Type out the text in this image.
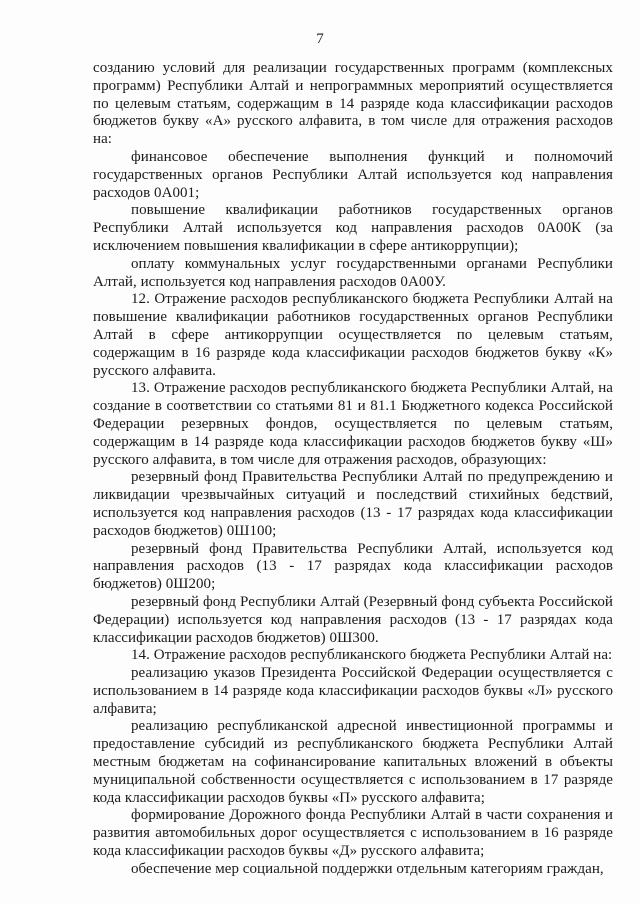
7

созданию условий для реализации государственных программ (комплексных программ) Республики Алтай и непрограммных мероприятий осуществляется по целевым статьям, содержащим в 14 разряде кода классификации расходов бюджетов букву «А» русского алфавита, в том числе для отражения расходов на:

финансовое обеспечение выполнения функций и полномочий государственных органов Республики Алтай используется код направления расходов 0А001;

повышение квалификации работников государственных органов Республики Алтай используется код направления расходов 0А00К (за исключением повышения квалификации в сфере антикоррупции);

оплату коммунальных услуг государственными органами Республики Алтай, используется код направления расходов 0А00У.

12. Отражение расходов республиканского бюджета Республики Алтай на повышение квалификации работников государственных органов Республики Алтай в сфере антикоррупции осуществляется по целевым статьям, содержащим в 16 разряде кода классификации расходов бюджетов букву «К» русского алфавита.

13. Отражение расходов республиканского бюджета Республики Алтай, на создание в соответствии со статьями 81 и 81.1 Бюджетного кодекса Российской Федерации резервных фондов, осуществляется по целевым статьям, содержащим в 14 разряде кода классификации расходов бюджетов букву «Ш» русского алфавита, в том числе для отражения расходов, образующих:

резервный фонд Правительства Республики Алтай по предупреждению и ликвидации чрезвычайных ситуаций и последствий стихийных бедствий, используется код направления расходов (13 - 17 разрядах кода классификации расходов бюджетов) 0Ш100;

резервный фонд Правительства Республики Алтай, используется код направления расходов (13 - 17 разрядах кода классификации расходов бюджетов) 0Ш200;

резервный фонд Республики Алтай (Резервный фонд субъекта Российской Федерации) используется код направления расходов (13 - 17 разрядах кода классификации расходов бюджетов) 0Ш300.

14. Отражение расходов республиканского бюджета Республики Алтай на:

реализацию указов Президента Российской Федерации осуществляется с использованием в 14 разряде кода классификации расходов буквы «Л» русского алфавита;

реализацию республиканской адресной инвестиционной программы и предоставление субсидий из республиканского бюджета Республики Алтай местным бюджетам на софинансирование капитальных вложений в объекты муниципальной собственности осуществляется с использованием в 17 разряде кода классификации расходов буквы «П» русского алфавита;

формирование Дорожного фонда Республики Алтай в части сохранения и развития автомобильных дорог осуществляется с использованием в 16 разряде кода классификации расходов буквы «Д» русского алфавита;

обеспечение мер социальной поддержки отдельным категориям граждан,
